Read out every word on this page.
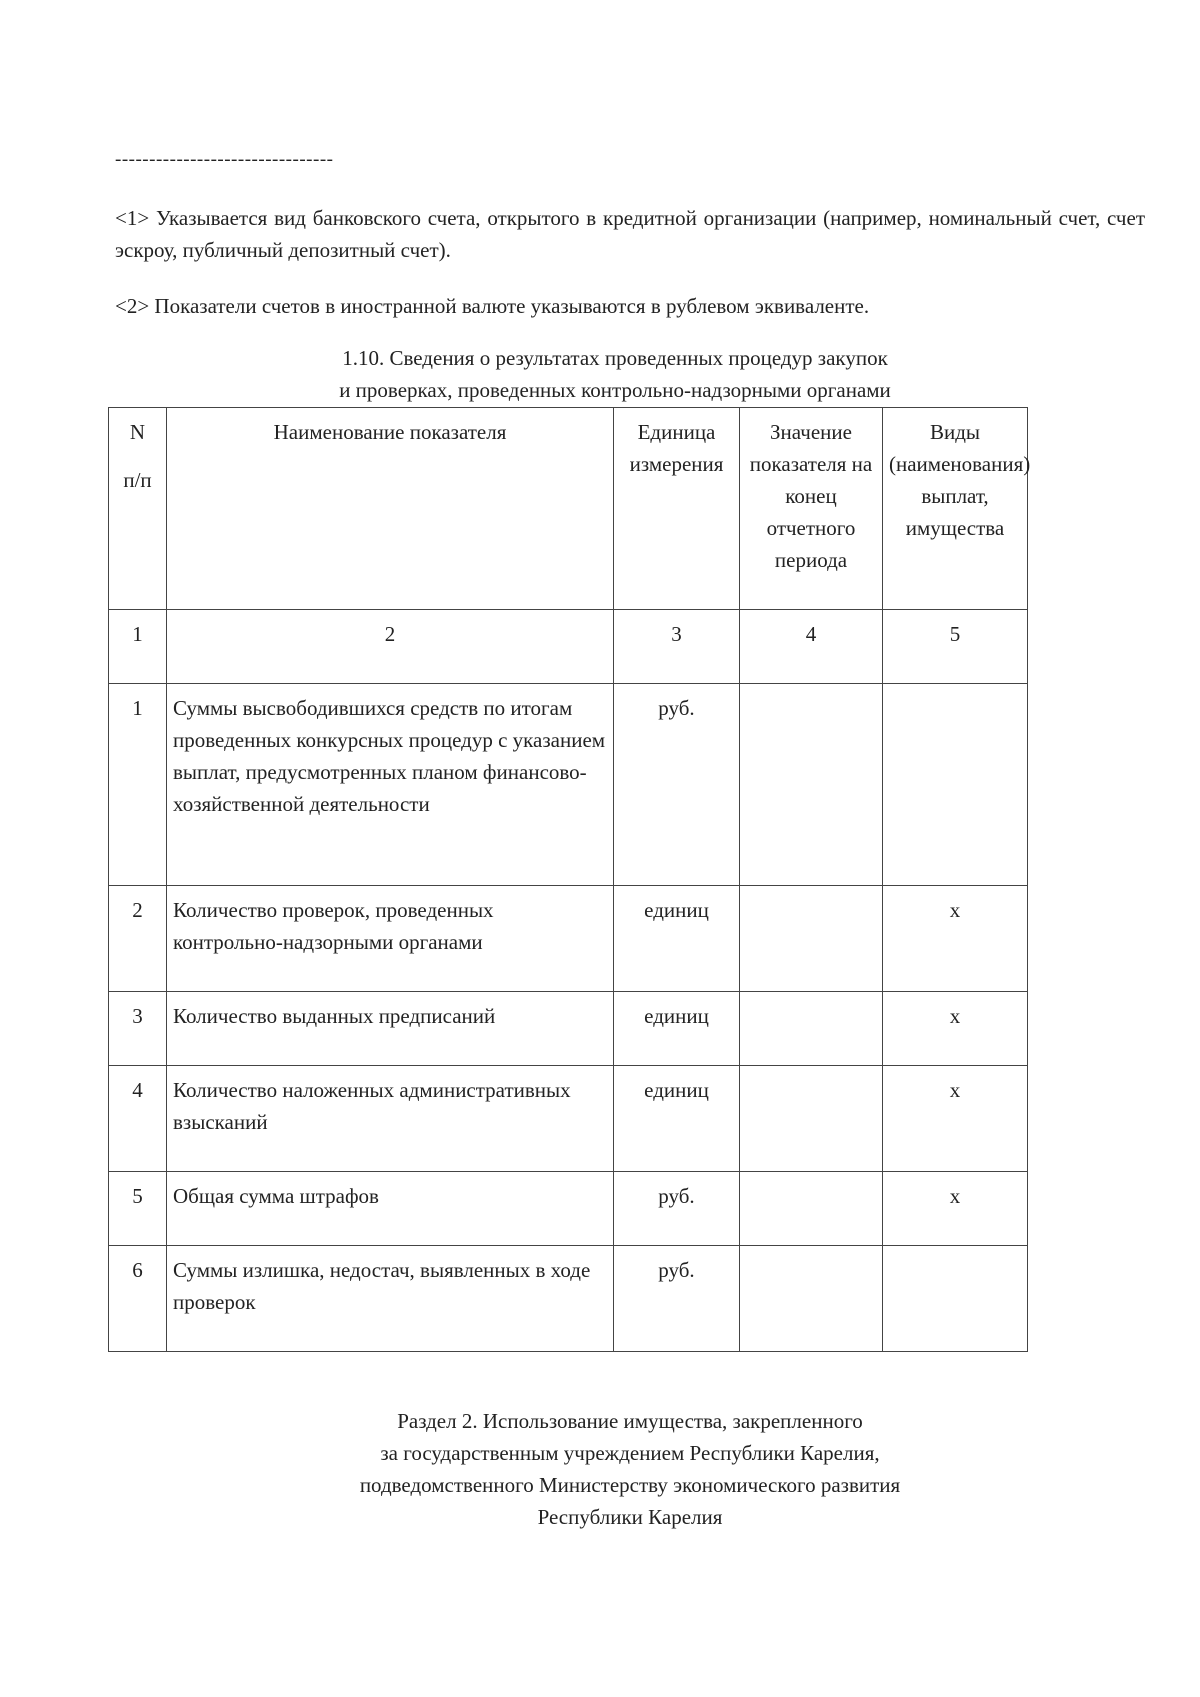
--------------------------------
<1> Указывается вид банковского счета, открытого в кредитной организации (например, номинальный счет, счет эскроу, публичный депозитный счет).
<2> Показатели счетов в иностранной валюте указываются в рублевом эквиваленте.
1.10. Сведения о результатах проведенных процедур закупок
и проверках, проведенных контрольно-надзорными органами
N
п/п	Наименование показателя	Единица измерения	Значение показателя на конец отчетного периода	Виды (наименования) выплат, имущества
1	2	3	4	5
1	Суммы высвободившихся средств по итогам проведенных конкурсных процедур с указанием выплат, предусмотренных планом финансово-хозяйственной деятельности	руб.		
2	Количество проверок, проведенных контрольно-надзорными органами	единиц		x
3	Количество выданных предписаний	единиц		x
4	Количество наложенных административных взысканий	единиц		x
5	Общая сумма штрафов	руб.		x
6	Суммы излишка, недостач, выявленных в ходе проверок	руб.		
Раздел 2. Использование имущества, закрепленного
за государственным учреждением Республики Карелия,
подведомственного Министерству экономического развития
Республики Карелия
